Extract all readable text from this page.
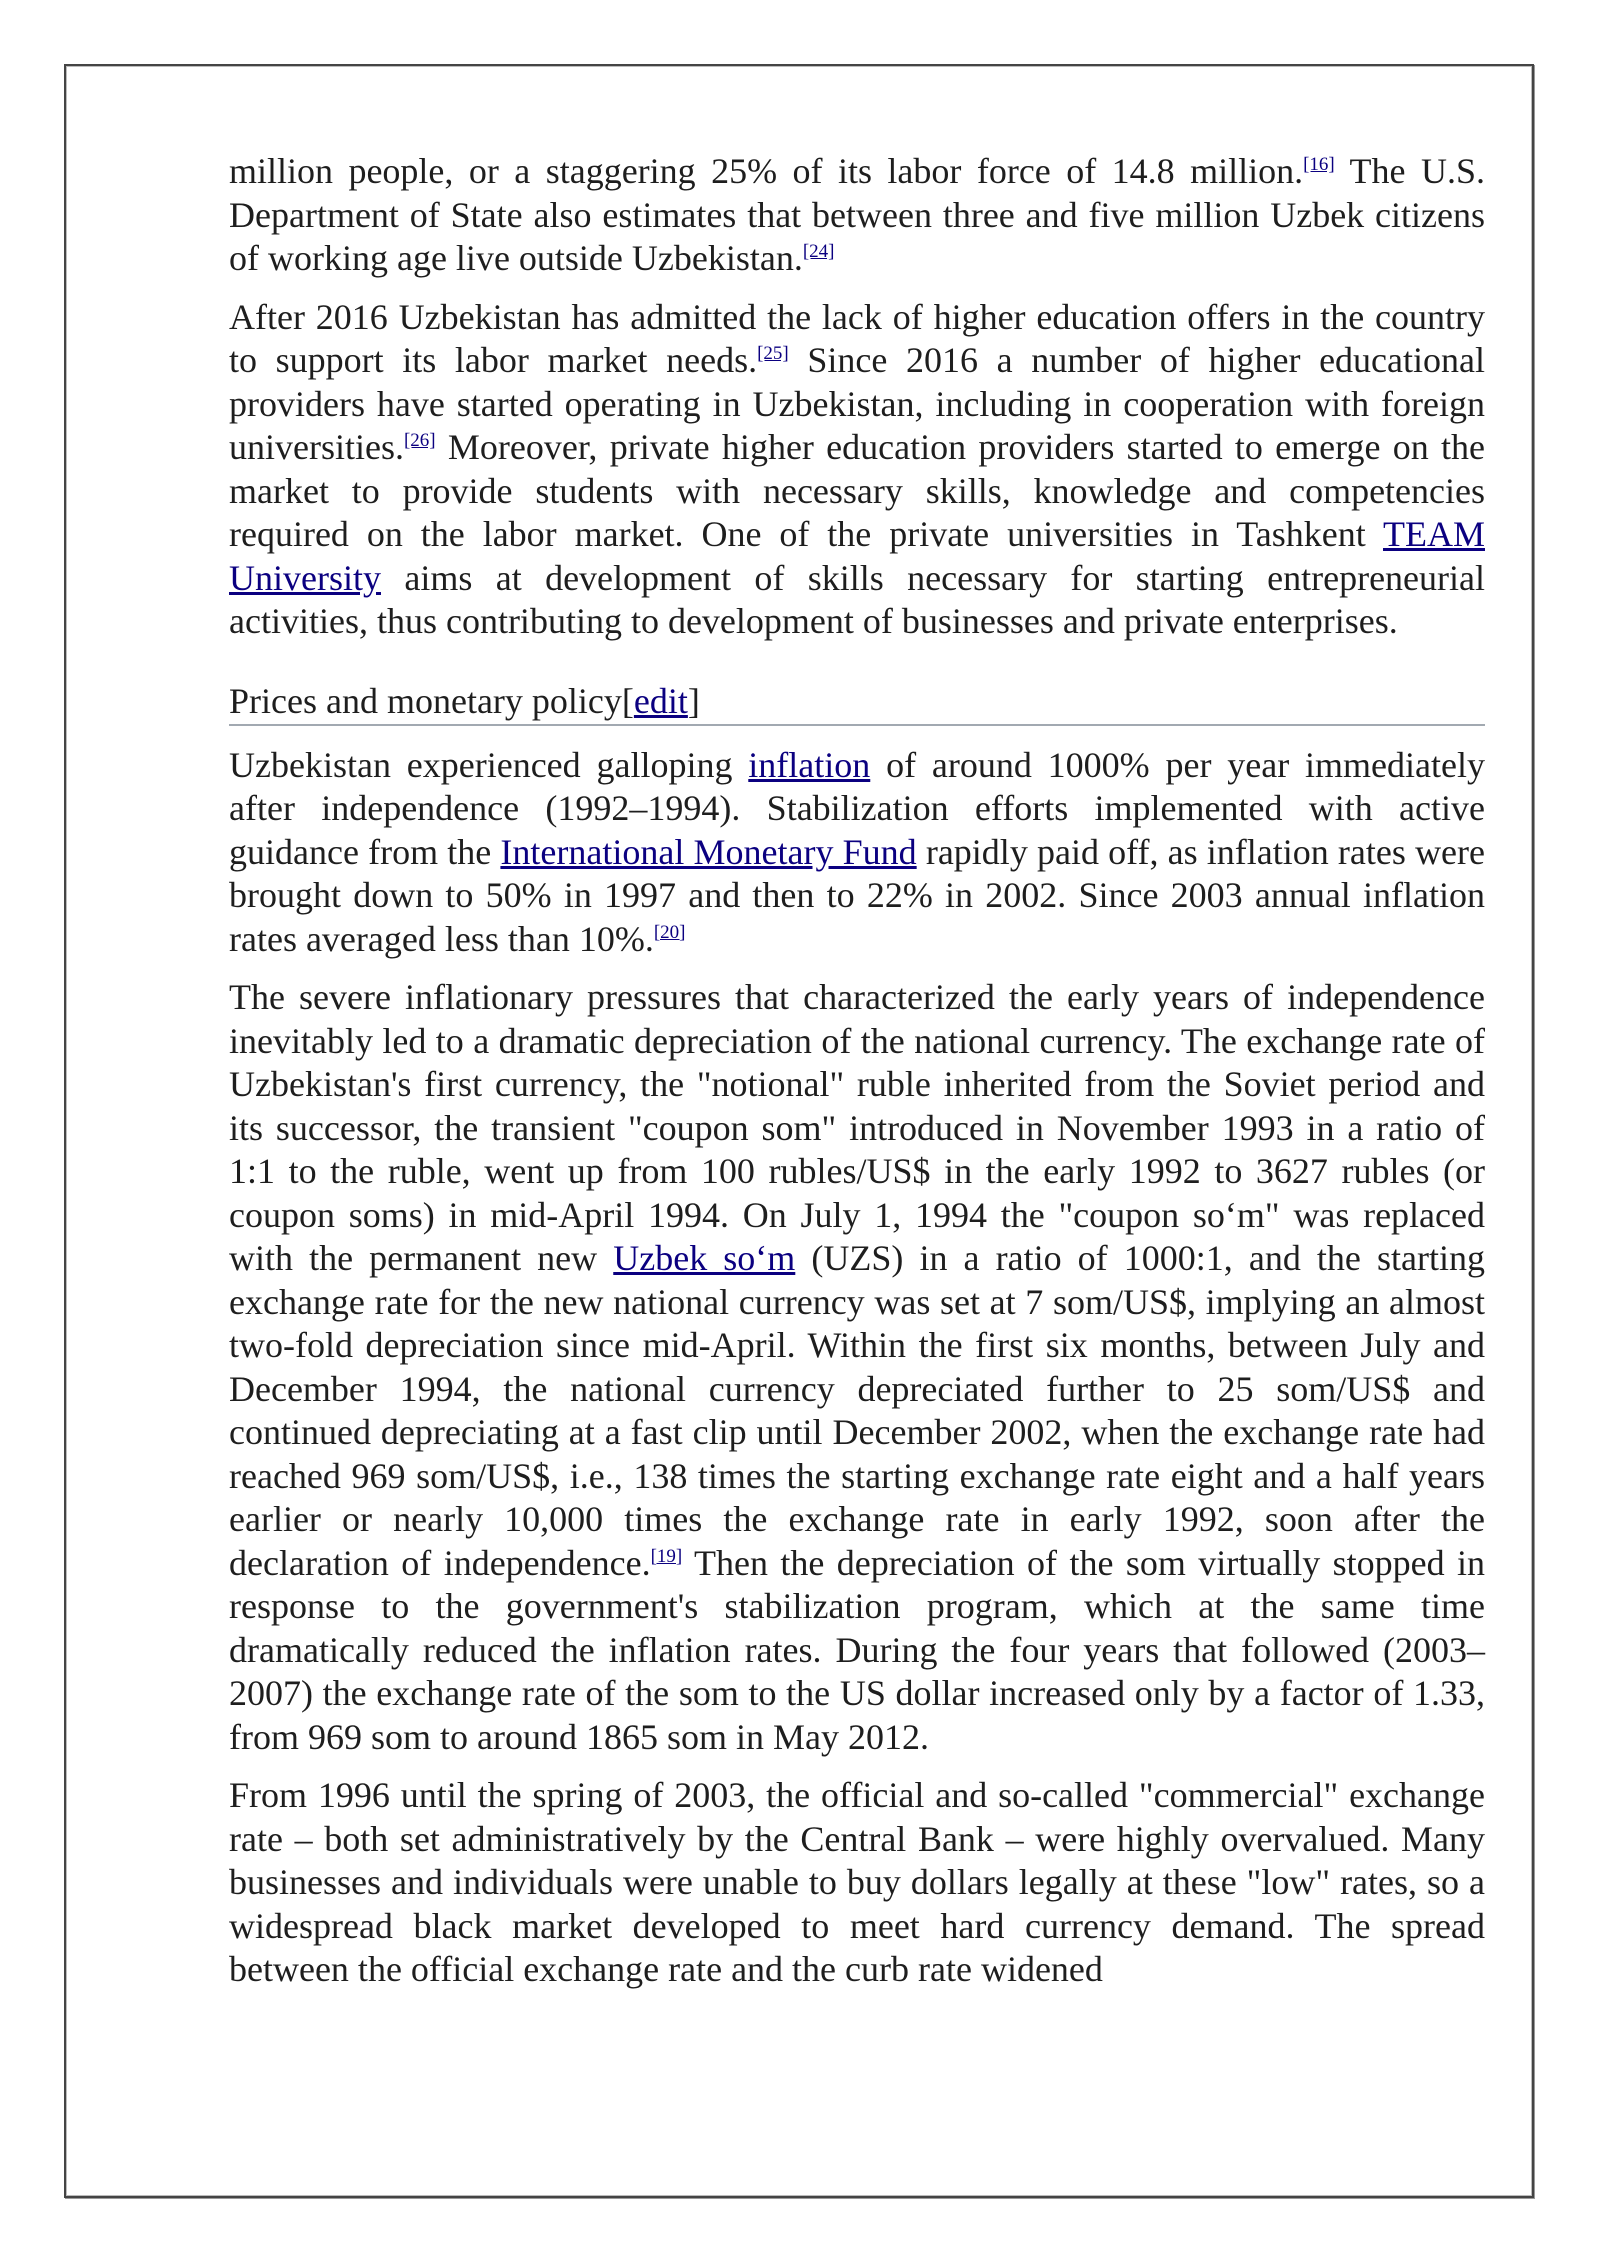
million people, or a staggering 25% of its labor force of 14.8 million.[16] The U.S. Department of State also estimates that between three and five million Uzbek citizens of working age live outside Uzbekistan.[24]

After 2016 Uzbekistan has admitted the lack of higher education offers in the country to support its labor market needs.[25] Since 2016 a number of higher educational providers have started operating in Uzbekistan, including in cooperation with foreign universities.[26] Moreover, private higher education providers started to emerge on the market to provide students with necessary skills, knowledge and competencies required on the labor market. One of the private universities in Tashkent TEAM University aims at development of skills necessary for starting entrepreneurial activities, thus contributing to development of businesses and private enterprises.

Prices and monetary policy[edit]

Uzbekistan experienced galloping inflation of around 1000% per year immediately after independence (1992–1994). Stabilization efforts implemented with active guidance from the International Monetary Fund rapidly paid off, as inflation rates were brought down to 50% in 1997 and then to 22% in 2002. Since 2003 annual inflation rates averaged less than 10%.[20]

The severe inflationary pressures that characterized the early years of independence inevitably led to a dramatic depreciation of the national currency. The exchange rate of Uzbekistan's first currency, the "notional" ruble inherited from the Soviet period and its successor, the transient "coupon som" introduced in November 1993 in a ratio of 1:1 to the ruble, went up from 100 rubles/US$ in the early 1992 to 3627 rubles (or coupon soms) in mid-April 1994. On July 1, 1994 the "coupon so‘m" was replaced with the permanent new Uzbek so‘m (UZS) in a ratio of 1000:1, and the starting exchange rate for the new national currency was set at 7 som/US$, implying an almost two-fold depreciation since mid-April. Within the first six months, between July and December 1994, the national currency depreciated further to 25 som/US$ and continued depreciating at a fast clip until December 2002, when the exchange rate had reached 969 som/US$, i.e., 138 times the starting exchange rate eight and a half years earlier or nearly 10,000 times the exchange rate in early 1992, soon after the declaration of independence.[19] Then the depreciation of the som virtually stopped in response to the government's stabilization program, which at the same time dramatically reduced the inflation rates. During the four years that followed (2003–2007) the exchange rate of the som to the US dollar increased only by a factor of 1.33, from 969 som to around 1865 som in May 2012.

From 1996 until the spring of 2003, the official and so-called "commercial" exchange rate – both set administratively by the Central Bank – were highly overvalued. Many businesses and individuals were unable to buy dollars legally at these "low" rates, so a widespread black market developed to meet hard currency demand. The spread between the official exchange rate and the curb rate widened
